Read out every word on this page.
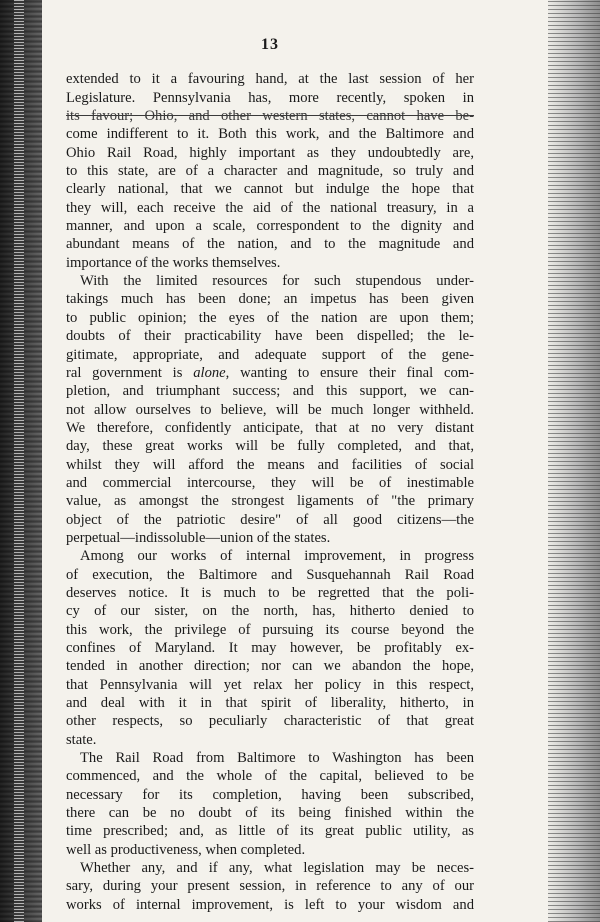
13
extended to it a favouring hand, at the last session of her
Legislature. Pennsylvania has, more recently, spoken in
its favour; Ohio, and other western states, cannot have be-
come indifferent to it. Both this work, and the Baltimore and
Ohio Rail Road, highly important as they undoubtedly are,
to this state, are of a character and magnitude, so truly and
clearly national, that we cannot but indulge the hope that
they will, each receive the aid of the national treasury, in a
manner, and upon a scale, correspondent to the dignity and
abundant means of the nation, and to the magnitude and
importance of the works themselves.
With the limited resources for such stupendous under-
takings much has been done; an impetus has been given
to public opinion; the eyes of the nation are upon them;
doubts of their practicability have been dispelled; the le-
gitimate, appropriate, and adequate support of the gene-
ral government is alone, wanting to ensure their final com-
pletion, and triumphant success; and this support, we can-
not allow ourselves to believe, will be much longer withheld.
We therefore, confidently anticipate, that at no very distant
day, these great works will be fully completed, and that,
whilst they will afford the means and facilities of social
and commercial intercourse, they will be of inestimable
value, as amongst the strongest ligaments of "the primary
object of the patriotic desire" of all good citizens—the
perpetual—indissoluble—union of the states.
Among our works of internal improvement, in progress
of execution, the Baltimore and Susquehannah Rail Road
deserves notice. It is much to be regretted that the poli-
cy of our sister, on the north, has, hitherto denied to
this work, the privilege of pursuing its course beyond the
confines of Maryland. It may however, be profitably ex-
tended in another direction; nor can we abandon the hope,
that Pennsylvania will yet relax her policy in this respect,
and deal with it in that spirit of liberality, hitherto, in
other respects, so peculiarly characteristic of that great
state.
The Rail Road from Baltimore to Washington has been
commenced, and the whole of the capital, believed to be
necessary for its completion, having been subscribed,
there can be no doubt of its being finished within the
time prescribed; and, as little of its great public utility, as
well as productiveness, when completed.
Whether any, and if any, what legislation may be neces-
sary, during your present session, in reference to any of our
works of internal improvement, is left to your wisdom and
